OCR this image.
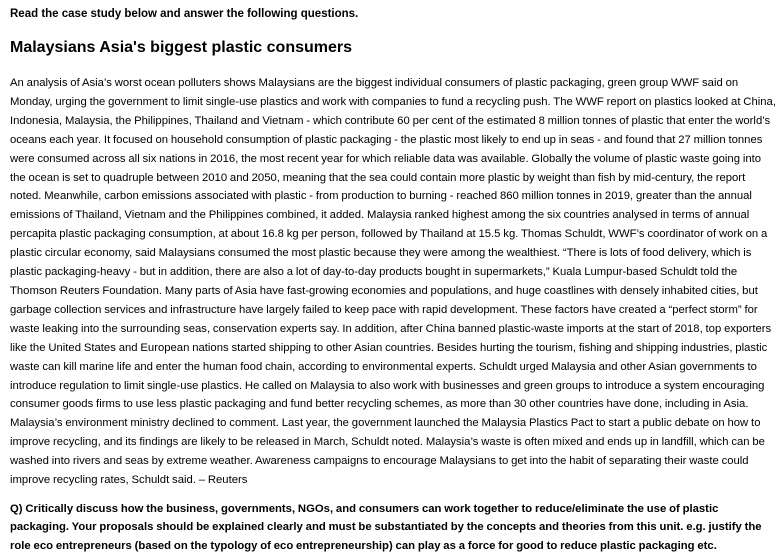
Read the case study below and answer the following questions.

Malaysians Asia's biggest plastic consumers

An analysis of Asia’s worst ocean polluters shows Malaysians are the biggest individual consumers of plastic packaging, green group WWF said on Monday, urging the government to limit single-use plastics and work with companies to fund a recycling push. The WWF report on plastics looked at China, Indonesia, Malaysia, the Philippines, Thailand and Vietnam - which contribute 60 per cent of the estimated 8 million tonnes of plastic that enter the world’s oceans each year. It focused on household consumption of plastic packaging - the plastic most likely to end up in seas - and found that 27 million tonnes were consumed across all six nations in 2016, the most recent year for which reliable data was available. Globally the volume of plastic waste going into the ocean is set to quadruple between 2010 and 2050, meaning that the sea could contain more plastic by weight than fish by mid-century, the report noted. Meanwhile, carbon emissions associated with plastic - from production to burning - reached 860 million tonnes in 2019, greater than the annual emissions of Thailand, Vietnam and the Philippines combined, it added. Malaysia ranked highest among the six countries analysed in terms of annual percapita plastic packaging consumption, at about 16.8 kg per person, followed by Thailand at 15.5 kg. Thomas Schuldt, WWF’s coordinator of work on a plastic circular economy, said Malaysians consumed the most plastic because they were among the wealthiest. “There is lots of food delivery, which is plastic packaging-heavy - but in addition, there are also a lot of day-to-day products bought in supermarkets,” Kuala Lumpur-based Schuldt told the Thomson Reuters Foundation. Many parts of Asia have fast-growing economies and populations, and huge coastlines with densely inhabited cities, but garbage collection services and infrastructure have largely failed to keep pace with rapid development. These factors have created a “perfect storm” for waste leaking into the surrounding seas, conservation experts say. In addition, after China banned plastic-waste imports at the start of 2018, top exporters like the United States and European nations started shipping to other Asian countries. Besides hurting the tourism, fishing and shipping industries, plastic waste can kill marine life and enter the human food chain, according to environmental experts. Schuldt urged Malaysia and other Asian governments to introduce regulation to limit single-use plastics. He called on Malaysia to also work with businesses and green groups to introduce a system encouraging consumer goods firms to use less plastic packaging and fund better recycling schemes, as more than 30 other countries have done, including in Asia. Malaysia’s environment ministry declined to comment. Last year, the government launched the Malaysia Plastics Pact to start a public debate on how to improve recycling, and its findings are likely to be released in March, Schuldt noted. Malaysia’s waste is often mixed and ends up in landfill, which can be washed into rivers and seas by extreme weather. Awareness campaigns to encourage Malaysians to get into the habit of separating their waste could improve recycling rates, Schuldt said. – Reuters

Q) Critically discuss how the business, governments, NGOs, and consumers can work together to reduce/eliminate the use of plastic packaging. Your proposals should be explained clearly and must be substantiated by the concepts and theories from this unit. e.g. justify the role eco entrepreneurs (based on the typology of eco entrepreneurship) can play as a force for good to reduce plastic packaging etc.
